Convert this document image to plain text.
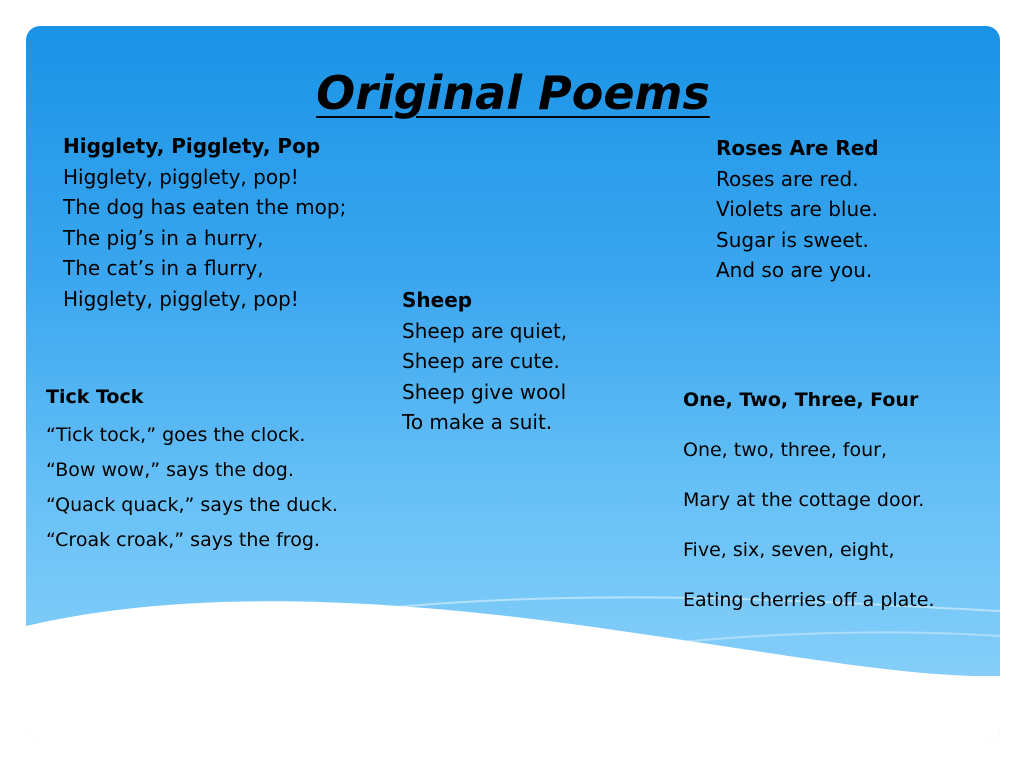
Original Poems
Higglety, Pigglety, Pop
Higglety, pigglety, pop!
The dog has eaten the mop;
The pig’s in a hurry,
The cat’s in a flurry,
Higglety, pigglety, pop!
Roses Are Red
Roses are red.
Violets are blue.
Sugar is sweet.
And so are you.
Sheep
Sheep are quiet,
Sheep are cute.
Sheep give wool
To make a suit.
Tick Tock
“Tick tock,” goes the clock.
“Bow wow,” says the dog.
“Quack quack,” says the duck.
“Croak croak,” says the frog.
One, Two, Three, Four
One, two, three, four,
Mary at the cottage door.
Five, six, seven, eight,
Eating cherries off a plate.
